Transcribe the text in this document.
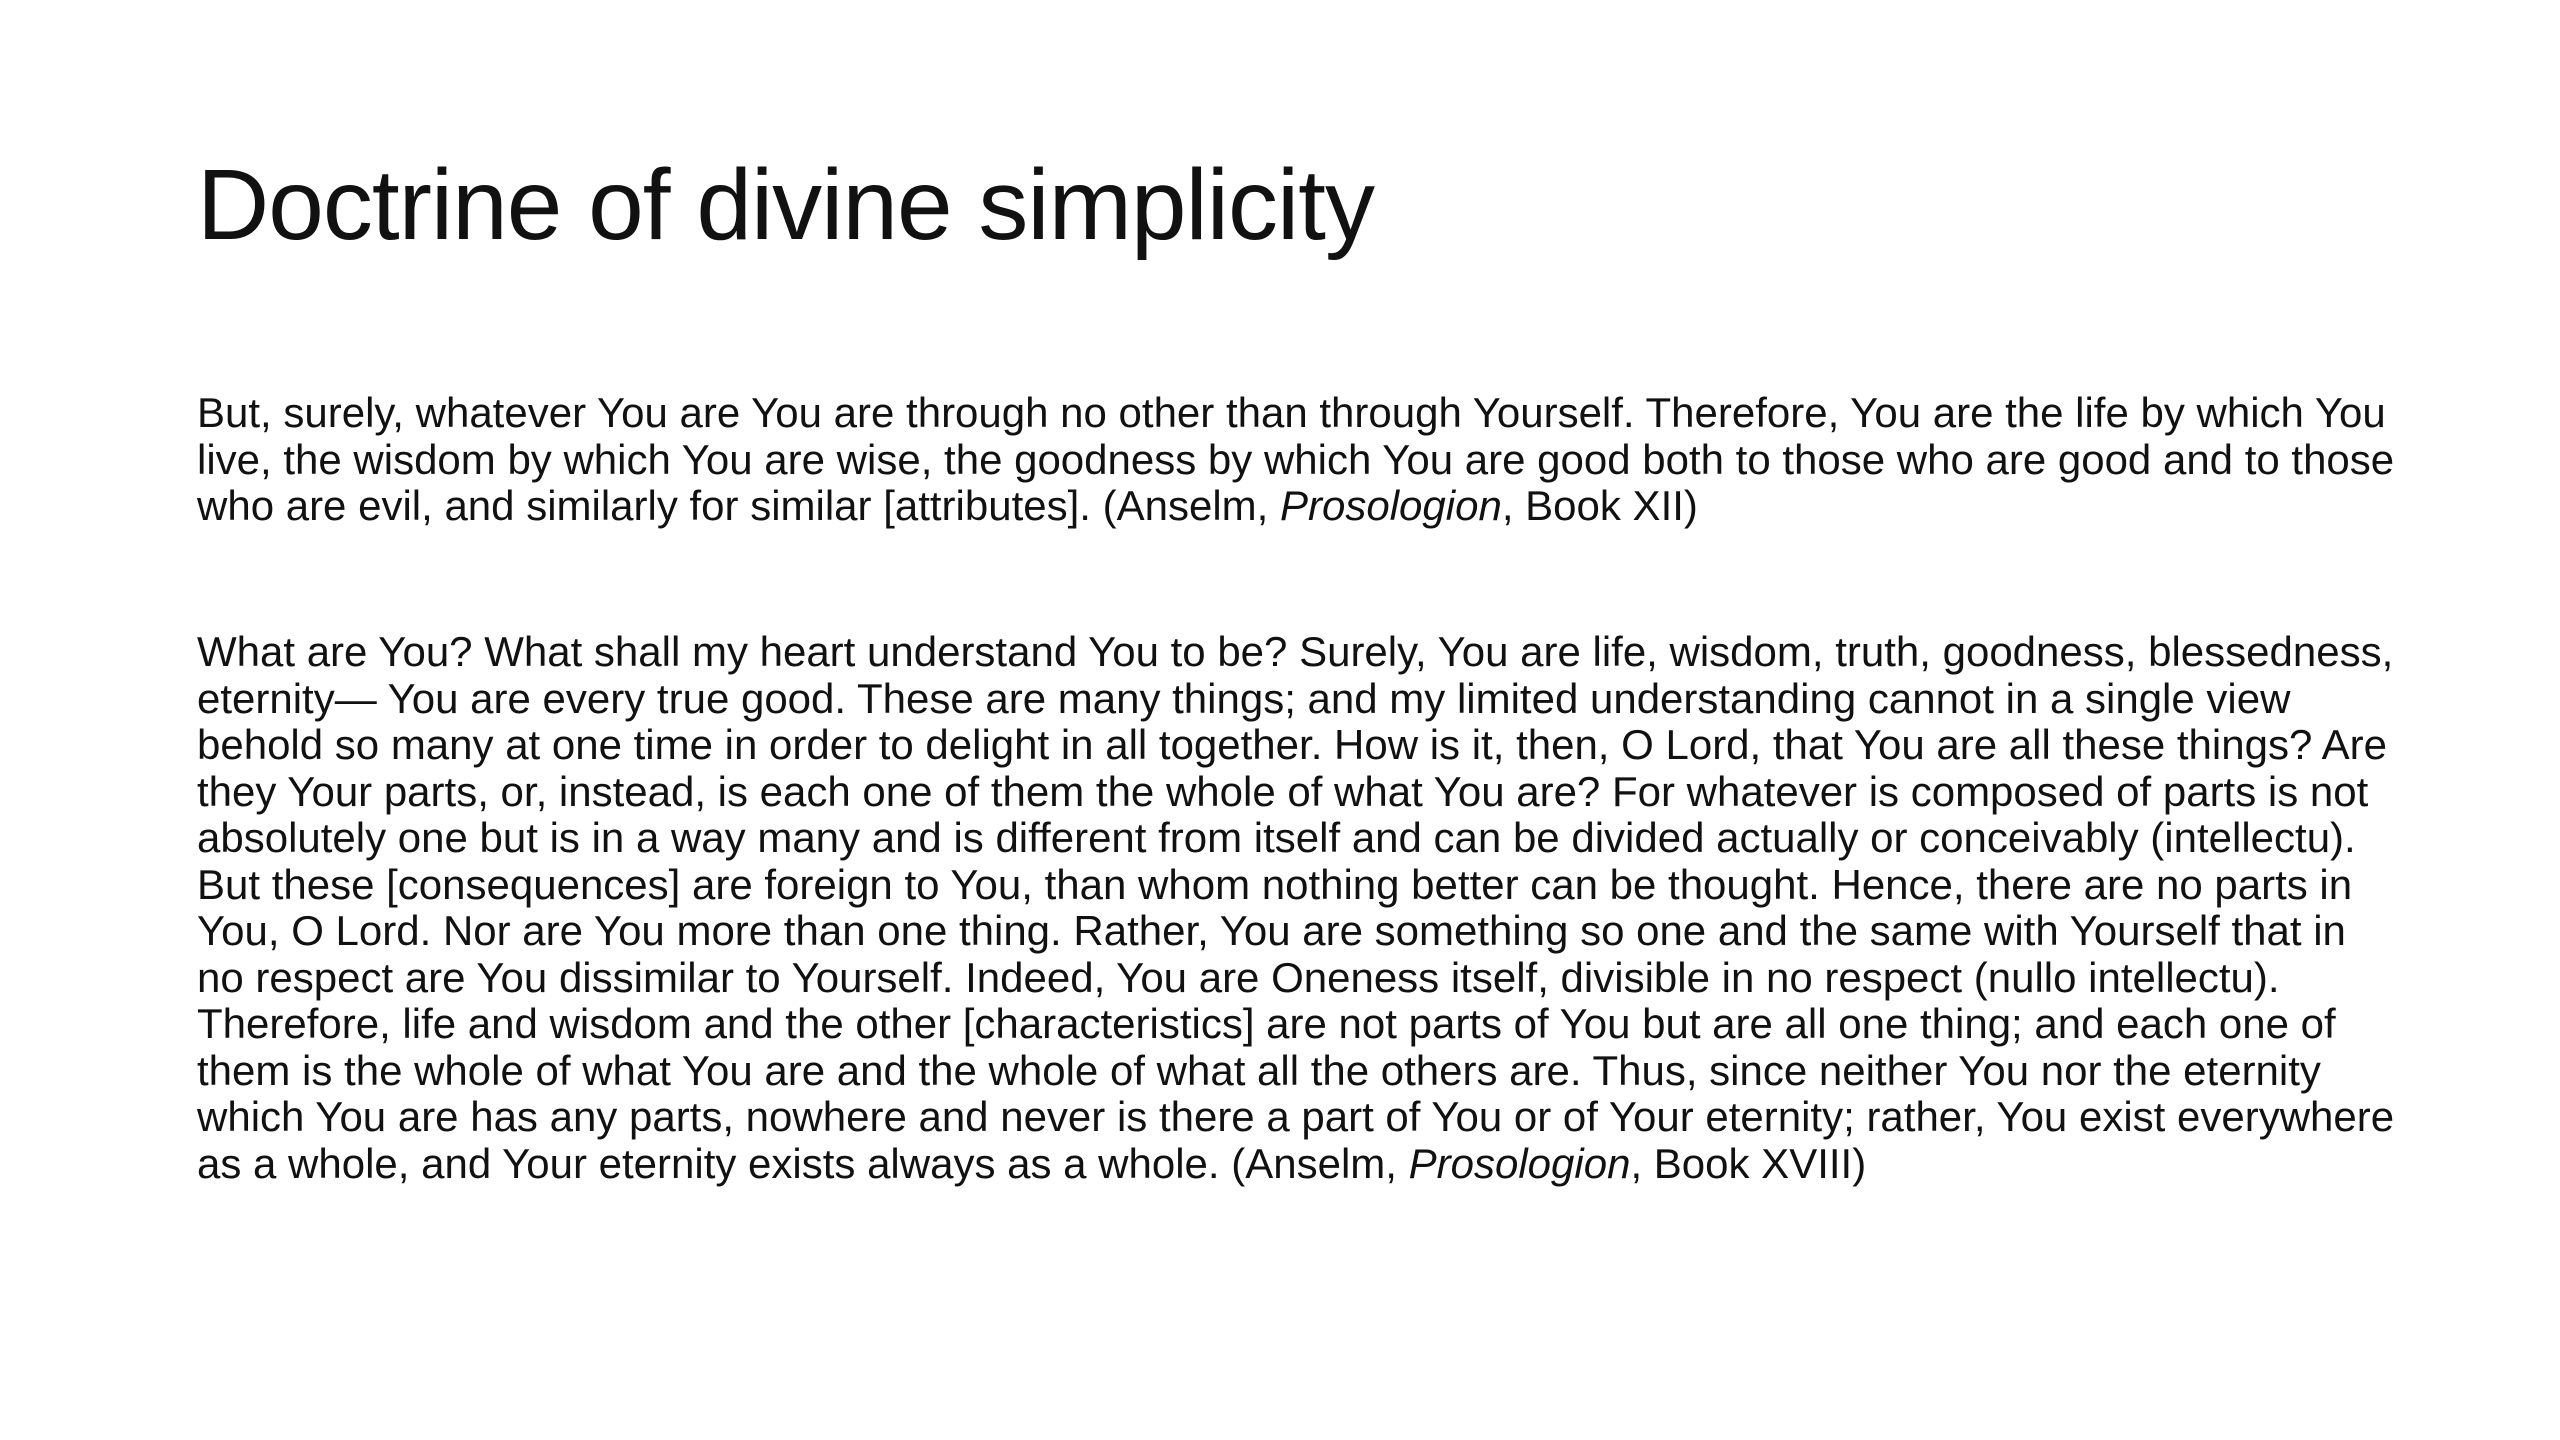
Doctrine of divine simplicity

But, surely, whatever You are You are through no other than through Yourself. Therefore, You are the life by which You live, the wisdom by which You are wise, the goodness by which You are good both to those who are good and to those who are evil, and similarly for similar [attributes]. (Anselm, Prosologion, Book XII)

What are You? What shall my heart understand You to be? Surely, You are life, wisdom, truth, goodness, blessedness, eternity— You are every true good. These are many things; and my limited understanding cannot in a single view behold so many at one time in order to delight in all together. How is it, then, O Lord, that You are all these things? Are they Your parts, or, instead, is each one of them the whole of what You are? For whatever is composed of parts is not absolutely one but is in a way many and is different from itself and can be divided actually or conceivably (intellectu). But these [consequences] are foreign to You, than whom nothing better can be thought. Hence, there are no parts in You, O Lord. Nor are You more than one thing. Rather, You are something so one and the same with Yourself that in no respect are You dissimilar to Yourself. Indeed, You are Oneness itself, divisible in no respect (nullo intellectu). Therefore, life and wisdom and the other [characteristics] are not parts of You but are all one thing; and each one of them is the whole of what You are and the whole of what all the others are. Thus, since neither You nor the eternity which You are has any parts, nowhere and never is there a part of You or of Your eternity; rather, You exist everywhere as a whole, and Your eternity exists always as a whole. (Anselm, Prosologion, Book XVIII)
